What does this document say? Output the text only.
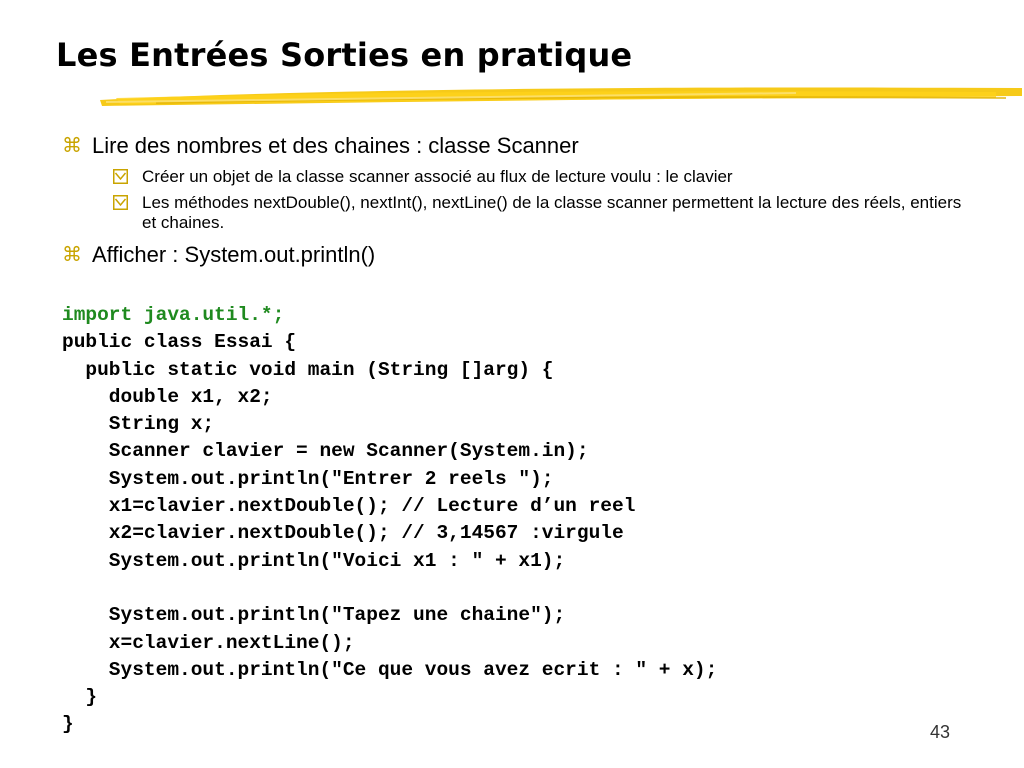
Les Entrées Sorties en pratique
⌘ Lire des nombres et des chaines : classe Scanner
Créer un objet de la classe scanner associé au flux de lecture voulu : le clavier
Les méthodes nextDouble(), nextInt(), nextLine() de la classe scanner permettent la lecture des réels, entiers et chaines.
⌘ Afficher : System.out.println()
import java.util.*;
public class Essai {
public static void main (String []arg) {
double x1, x2;
String x;
Scanner clavier = new Scanner(System.in);
System.out.println("Entrer 2 reels ");
x1=clavier.nextDouble(); // Lecture d’un reel
x2=clavier.nextDouble(); // 3,14567 :virgule
System.out.println("Voici x1 : " + x1);

System.out.println("Tapez une chaine");
x=clavier.nextLine();
System.out.println("Ce que vous avez ecrit : " + x);
}
}	43
